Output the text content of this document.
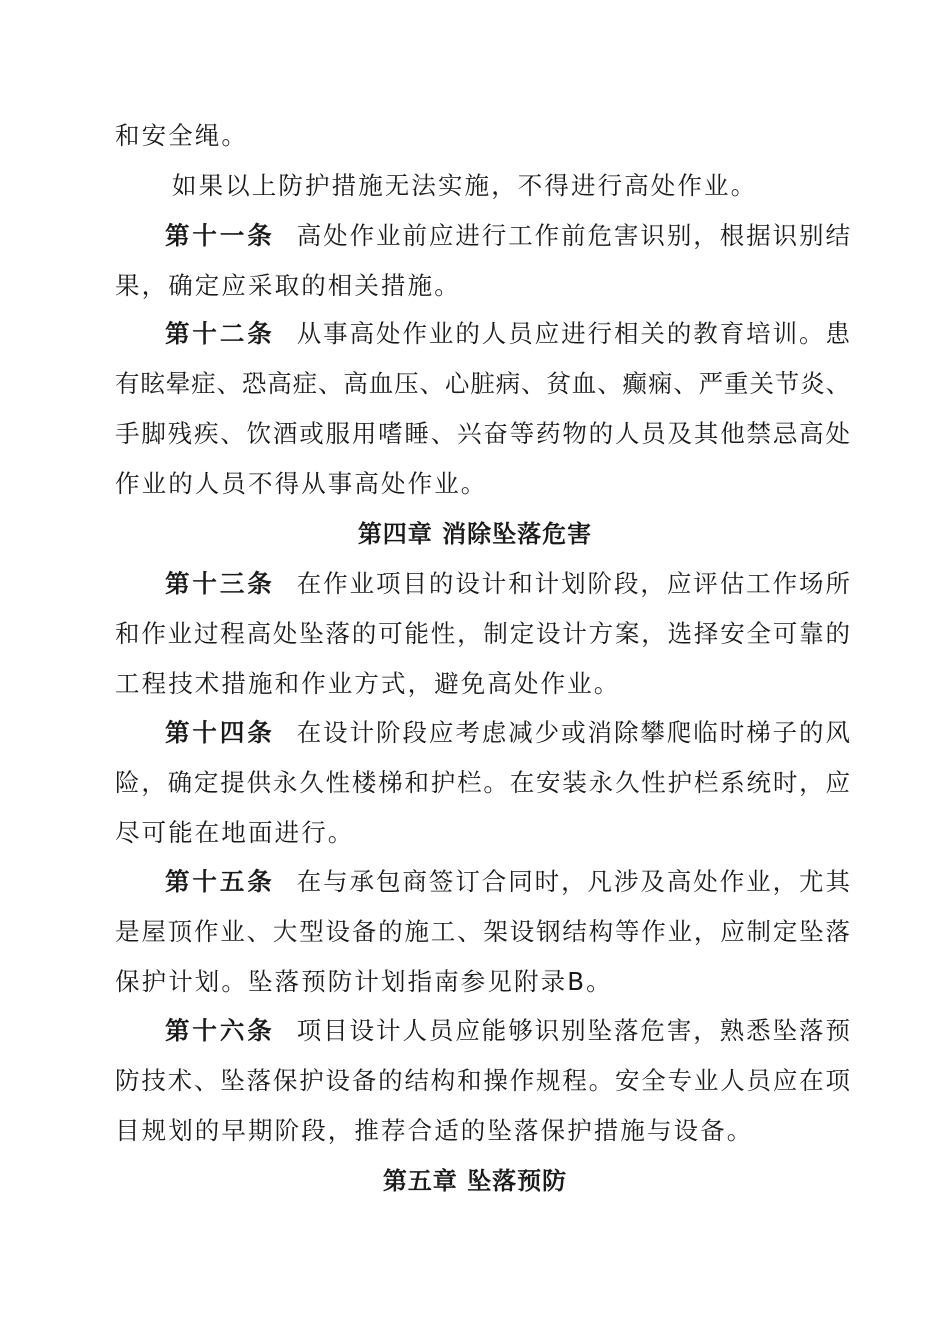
和安全绳。
如果以上防护措施无法实施，不得进行高处作业。
第十一条 高处作业前应进行工作前危害识别，根据识别结
果，确定应采取的相关措施。
第十二条 从事高处作业的人员应进行相关的教育培训。患
有眩晕症、恐高症、高血压、心脏病、贫血、癫痫、严重关节炎、
手脚残疾、饮酒或服用嗜睡、兴奋等药物的人员及其他禁忌高处
作业的人员不得从事高处作业。
第四章 消除坠落危害
第十三条 在作业项目的设计和计划阶段，应评估工作场所
和作业过程高处坠落的可能性，制定设计方案，选择安全可靠的
工程技术措施和作业方式，避免高处作业。
第十四条 在设计阶段应考虑减少或消除攀爬临时梯子的风
险，确定提供永久性楼梯和护栏。在安装永久性护栏系统时，应
尽可能在地面进行。
第十五条 在与承包商签订合同时，凡涉及高处作业，尤其
是屋顶作业、大型设备的施工、架设钢结构等作业，应制定坠落
保护计划。坠落预防计划指南参见附录B。
第十六条 项目设计人员应能够识别坠落危害，熟悉坠落预
防技术、坠落保护设备的结构和操作规程。安全专业人员应在项
目规划的早期阶段，推荐合适的坠落保护措施与设备。
第五章 坠落预防
